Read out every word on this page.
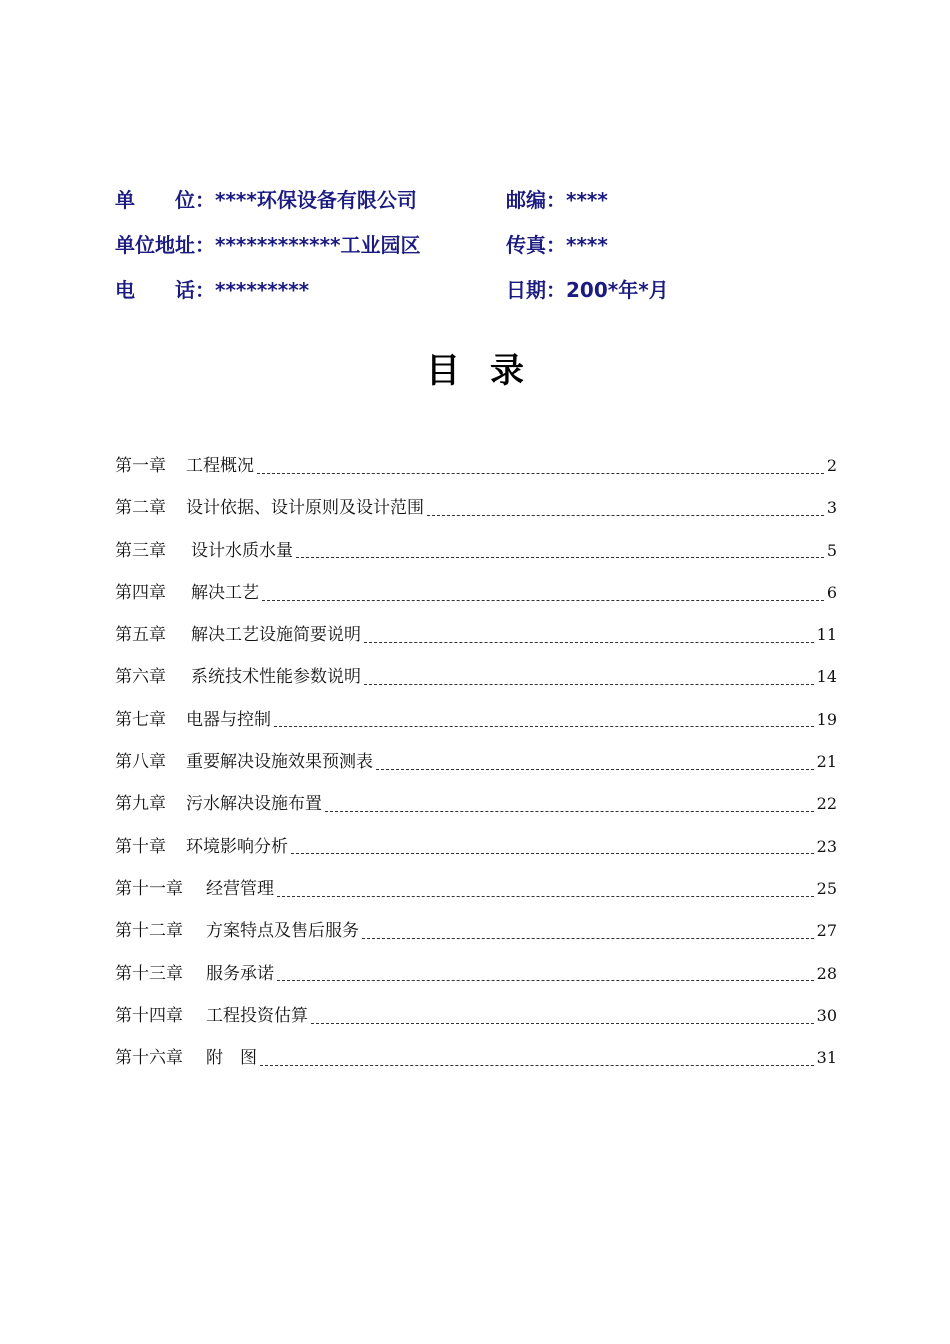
单　　位：****环保设备有限公司	邮编：****
单位地址：************工业园区	传真：****
电　　话：*********	日期：200*年*月
目录
第一章 工程概况	2
第二章 设计依据、设计原则及设计范围	3
第三章 设计水质水量	5
第四章 解决工艺	6
第五章 解决工艺设施简要说明	11
第六章 系统技术性能参数说明	14
第七章 电器与控制	19
第八章 重要解决设施效果预测表	21
第九章 污水解决设施布置	22
第十章 环境影响分析	23
第十一章 经营管理	25
第十二章 方案特点及售后服务	27
第十三章 服务承诺	28
第十四章 工程投资估算	30
第十六章 附　图	31
